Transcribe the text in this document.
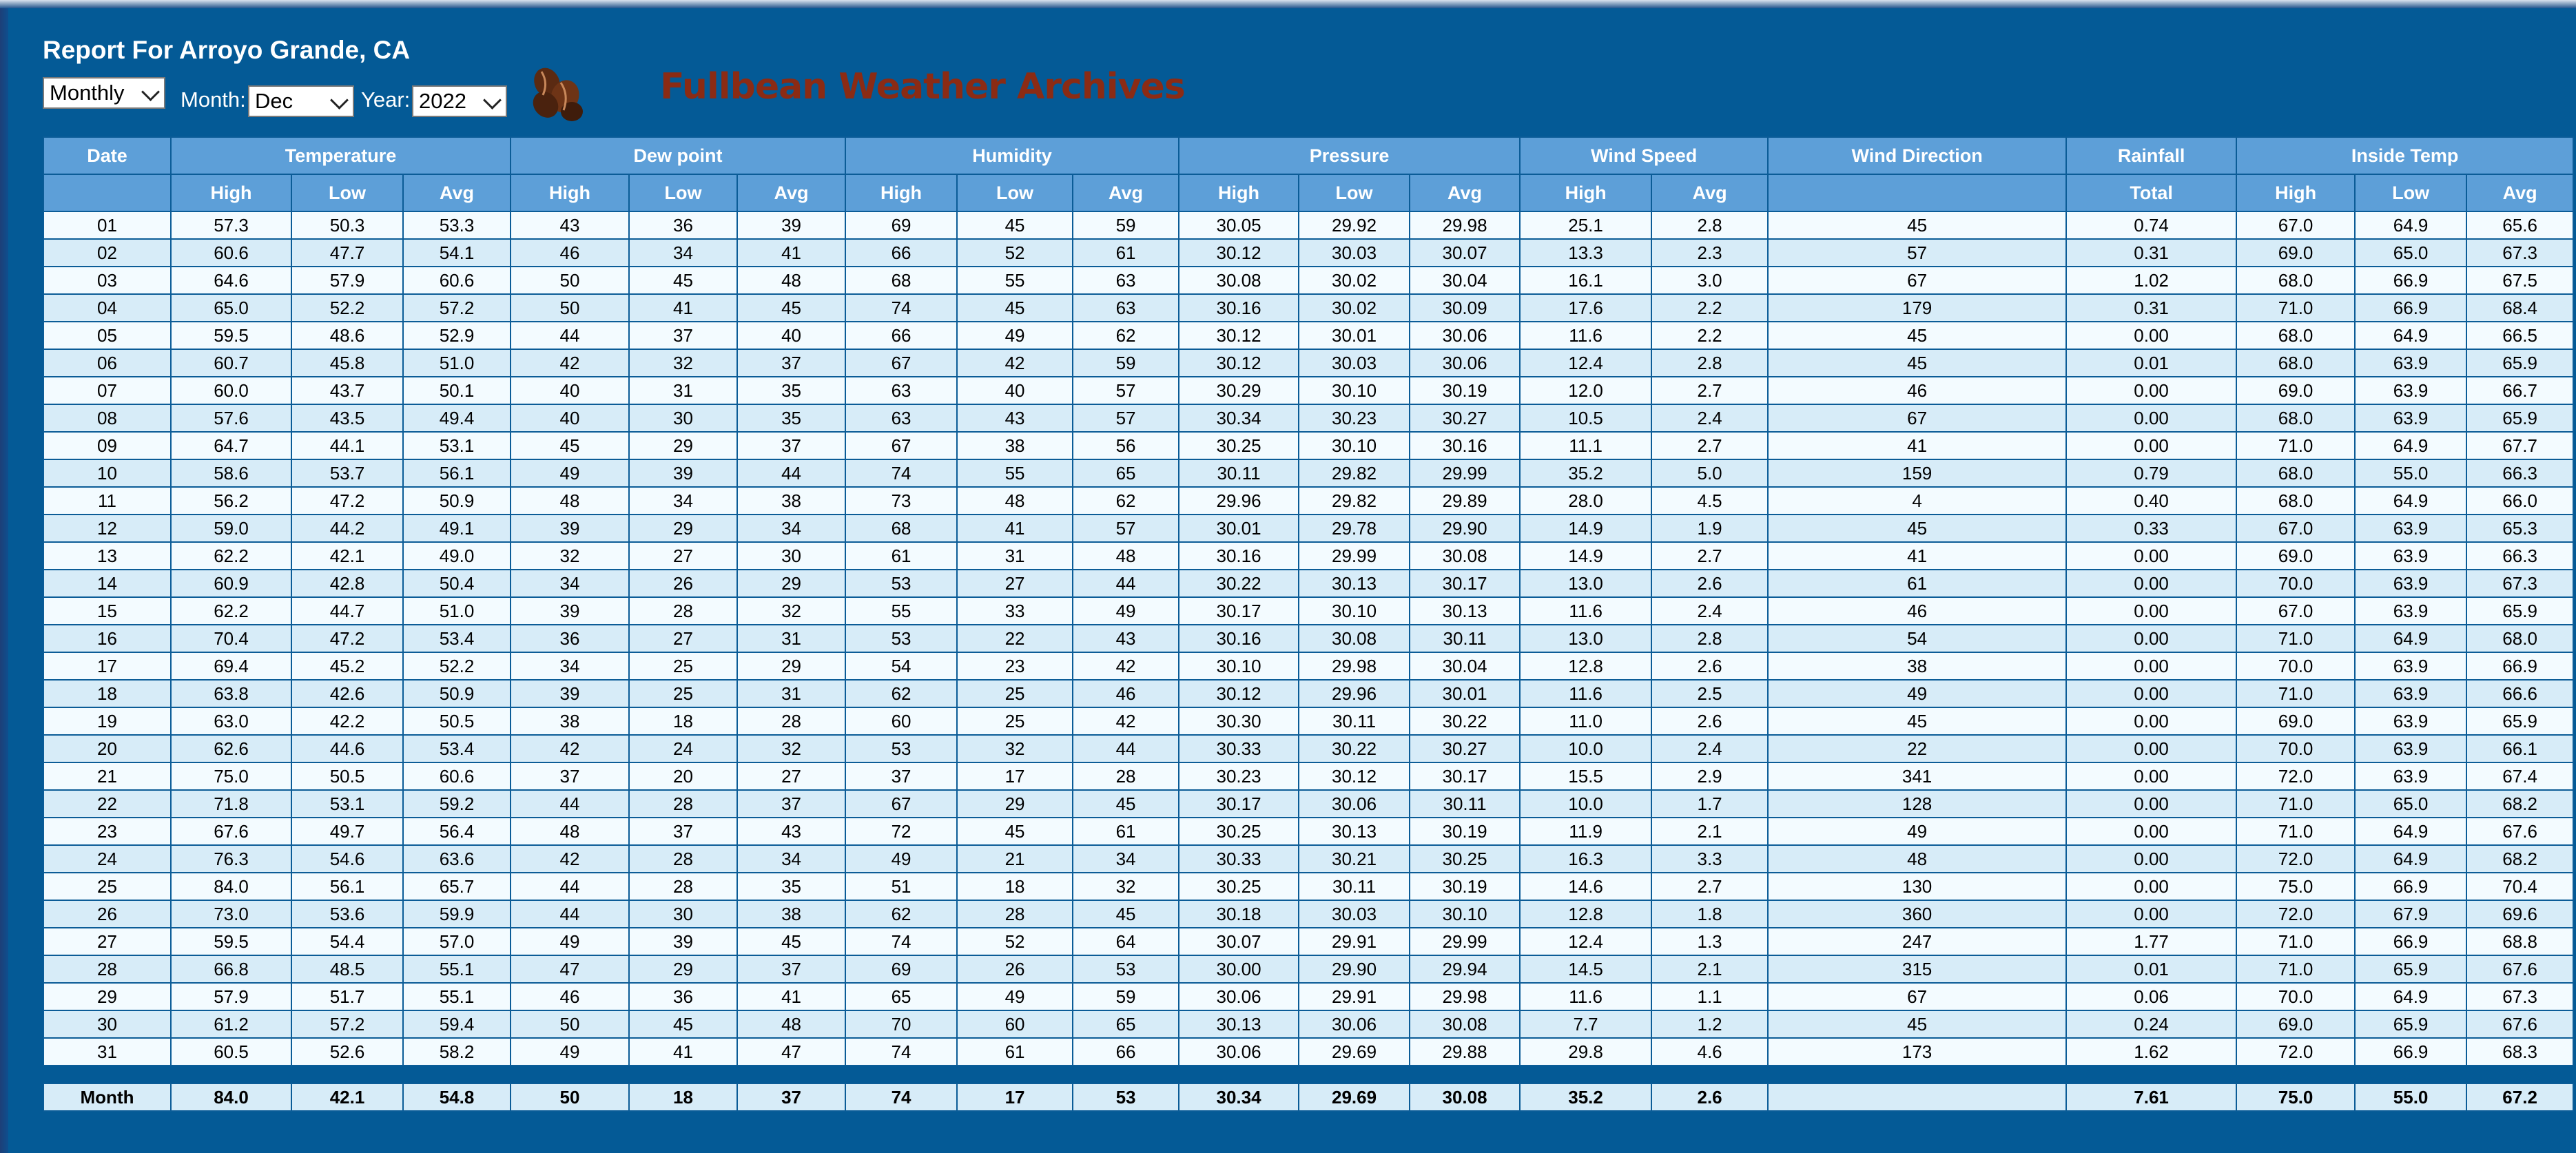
Report For Arroyo Grande, CA
Monthly	Month: Dec	Year: 2022	Fullbean Weather Archives
Date	Temperature			Dew point			Humidity			Pressure			Wind Speed		Wind Direction	Rainfall	Inside Temp		
	High	Low	Avg	High	Low	Avg	High	Low	Avg	High	Low	Avg	High	Avg		Total	High	Low	Avg
01	57.3	50.3	53.3	43	36	39	69	45	59	30.05	29.92	29.98	25.1	2.8	45	0.74	67.0	64.9	65.6
02	60.6	47.7	54.1	46	34	41	66	52	61	30.12	30.03	30.07	13.3	2.3	57	0.31	69.0	65.0	67.3
03	64.6	57.9	60.6	50	45	48	68	55	63	30.08	30.02	30.04	16.1	3.0	67	1.02	68.0	66.9	67.5
04	65.0	52.2	57.2	50	41	45	74	45	63	30.16	30.02	30.09	17.6	2.2	179	0.31	71.0	66.9	68.4
05	59.5	48.6	52.9	44	37	40	66	49	62	30.12	30.01	30.06	11.6	2.2	45	0.00	68.0	64.9	66.5
06	60.7	45.8	51.0	42	32	37	67	42	59	30.12	30.03	30.06	12.4	2.8	45	0.01	68.0	63.9	65.9
07	60.0	43.7	50.1	40	31	35	63	40	57	30.29	30.10	30.19	12.0	2.7	46	0.00	69.0	63.9	66.7
08	57.6	43.5	49.4	40	30	35	63	43	57	30.34	30.23	30.27	10.5	2.4	67	0.00	68.0	63.9	65.9
09	64.7	44.1	53.1	45	29	37	67	38	56	30.25	30.10	30.16	11.1	2.7	41	0.00	71.0	64.9	67.7
10	58.6	53.7	56.1	49	39	44	74	55	65	30.11	29.82	29.99	35.2	5.0	159	0.79	68.0	55.0	66.3
11	56.2	47.2	50.9	48	34	38	73	48	62	29.96	29.82	29.89	28.0	4.5	4	0.40	68.0	64.9	66.0
12	59.0	44.2	49.1	39	29	34	68	41	57	30.01	29.78	29.90	14.9	1.9	45	0.33	67.0	63.9	65.3
13	62.2	42.1	49.0	32	27	30	61	31	48	30.16	29.99	30.08	14.9	2.7	41	0.00	69.0	63.9	66.3
14	60.9	42.8	50.4	34	26	29	53	27	44	30.22	30.13	30.17	13.0	2.6	61	0.00	70.0	63.9	67.3
15	62.2	44.7	51.0	39	28	32	55	33	49	30.17	30.10	30.13	11.6	2.4	46	0.00	67.0	63.9	65.9
16	70.4	47.2	53.4	36	27	31	53	22	43	30.16	30.08	30.11	13.0	2.8	54	0.00	71.0	64.9	68.0
17	69.4	45.2	52.2	34	25	29	54	23	42	30.10	29.98	30.04	12.8	2.6	38	0.00	70.0	63.9	66.9
18	63.8	42.6	50.9	39	25	31	62	25	46	30.12	29.96	30.01	11.6	2.5	49	0.00	71.0	63.9	66.6
19	63.0	42.2	50.5	38	18	28	60	25	42	30.30	30.11	30.22	11.0	2.6	45	0.00	69.0	63.9	65.9
20	62.6	44.6	53.4	42	24	32	53	32	44	30.33	30.22	30.27	10.0	2.4	22	0.00	70.0	63.9	66.1
21	75.0	50.5	60.6	37	20	27	37	17	28	30.23	30.12	30.17	15.5	2.9	341	0.00	72.0	63.9	67.4
22	71.8	53.1	59.2	44	28	37	67	29	45	30.17	30.06	30.11	10.0	1.7	128	0.00	71.0	65.0	68.2
23	67.6	49.7	56.4	48	37	43	72	45	61	30.25	30.13	30.19	11.9	2.1	49	0.00	71.0	64.9	67.6
24	76.3	54.6	63.6	42	28	34	49	21	34	30.33	30.21	30.25	16.3	3.3	48	0.00	72.0	64.9	68.2
25	84.0	56.1	65.7	44	28	35	51	18	32	30.25	30.11	30.19	14.6	2.7	130	0.00	75.0	66.9	70.4
26	73.0	53.6	59.9	44	30	38	62	28	45	30.18	30.03	30.10	12.8	1.8	360	0.00	72.0	67.9	69.6
27	59.5	54.4	57.0	49	39	45	74	52	64	30.07	29.91	29.99	12.4	1.3	247	1.77	71.0	66.9	68.8
28	66.8	48.5	55.1	47	29	37	69	26	53	30.00	29.90	29.94	14.5	2.1	315	0.01	71.0	65.9	67.6
29	57.9	51.7	55.1	46	36	41	65	49	59	30.06	29.91	29.98	11.6	1.1	67	0.06	70.0	64.9	67.3
30	61.2	57.2	59.4	50	45	48	70	60	65	30.13	30.06	30.08	7.7	1.2	45	0.24	69.0	65.9	67.6
31	60.5	52.6	58.2	49	41	47	74	61	66	30.06	29.69	29.88	29.8	4.6	173	1.62	72.0	66.9	68.3

Month	84.0	42.1	54.8	50	18	37	74	17	53	30.34	29.69	30.08	35.2	2.6		7.61	75.0	55.0	67.2
